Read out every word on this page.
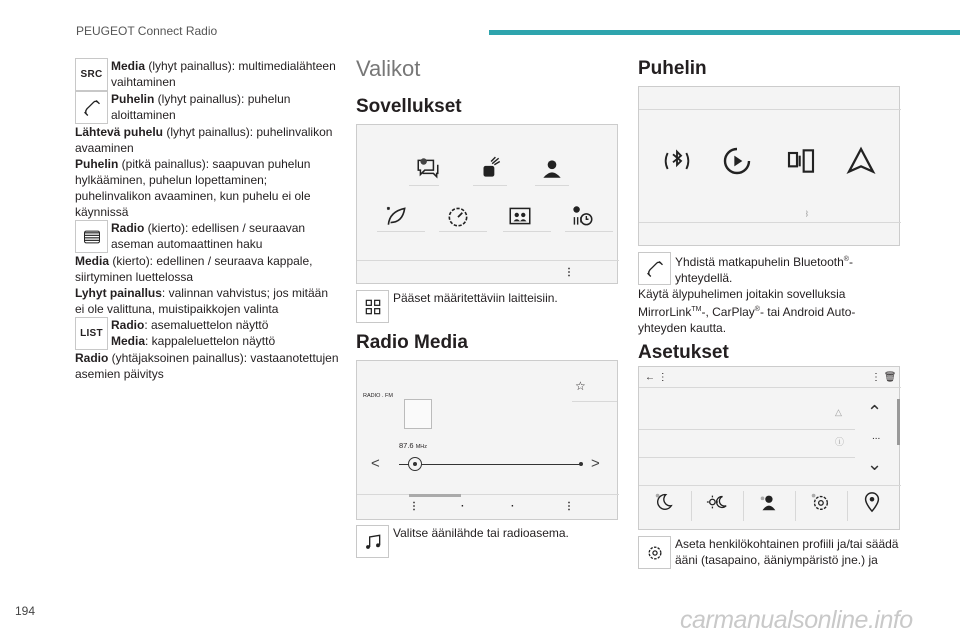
PEUGEOT Connect Radio
SRC
Media (lyhyt painallus): multimedialähteen vaihtaminen
Puhelin (lyhyt painallus): puhelun aloittaminen
Lähtevä puhelu (lyhyt painallus): puhelinvalikon avaaminen
Puhelin (pitkä painallus): saapuvan puhelun hylkääminen, puhelun lopettaminen; puhelinvalikon avaaminen, kun puhelu ei ole käynnissä
Radio (kierto): edellisen / seuraavan aseman automaattinen haku
Media (kierto): edellinen / seuraava kappale, siirtyminen luettelossa
Lyhyt painallus: valinnan vahvistus; jos mitään ei ole valittuna, muistipaikkojen valinta
LIST
Radio: asemaluettelon näyttö
Media: kappaleluettelon näyttö
Radio (yhtäjaksoinen painallus): vastaanotettujen asemien päivitys
Valikot
Sovellukset
⋮
Pääset määritettäviin laitteisiin.
Radio Media
RADIO . FM
☆
87.6 MHz
<	>
⋮	·	·	⋮
Valitse äänilähde tai radioasema.
Puhelin
ᛒ
Yhdistä matkapuhelin Bluetooth®-yhteydellä.
Käytä älypuhelimen joitakin sovelluksia MirrorLink™-, CarPlay®- tai Android Auto-yhteyden kautta.
Asetukset
← ⋮	⋮ 🗑
△
ⓘ
⌃
...
⌄
Aseta henkilökohtainen profiili ja/tai säädä ääni (tasapaino, ääniympäristö jne.) ja
194	carmanualsonline.info
